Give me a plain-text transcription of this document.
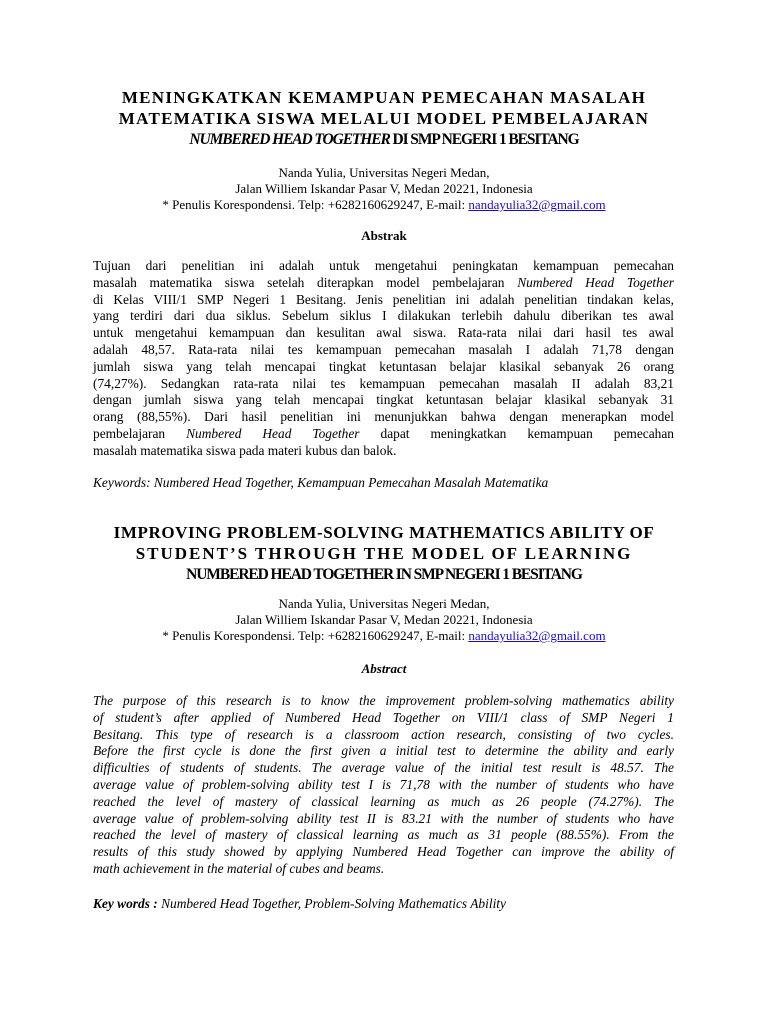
MENINGKATKAN KEMAMPUAN PEMECAHAN MASALAH
MATEMATIKA SISWA MELALUI MODEL PEMBELAJARAN
NUMBERED HEAD TOGETHER DI SMP NEGERI 1 BESITANG
Nanda Yulia, Universitas Negeri Medan,
Jalan Williem Iskandar Pasar V, Medan 20221, Indonesia
* Penulis Korespondensi. Telp: +6282160629247, E-mail: nandayulia32@gmail.com
Abstrak
Tujuan dari penelitian ini adalah untuk mengetahui peningkatan kemampuan pemecahan
masalah matematika siswa setelah diterapkan model pembelajaran Numbered Head Together
di Kelas VIII/1 SMP Negeri 1 Besitang. Jenis penelitian ini adalah penelitian tindakan kelas,
yang terdiri dari dua siklus. Sebelum siklus I dilakukan terlebih dahulu diberikan tes awal
untuk mengetahui kemampuan dan kesulitan awal siswa. Rata-rata nilai dari hasil tes awal
adalah 48,57. Rata-rata nilai tes kemampuan pemecahan masalah I adalah 71,78 dengan
jumlah siswa yang telah mencapai tingkat ketuntasan belajar klasikal sebanyak 26 orang
(74,27%). Sedangkan rata-rata nilai tes kemampuan pemecahan masalah II adalah 83,21
dengan jumlah siswa yang telah mencapai tingkat ketuntasan belajar klasikal sebanyak 31
orang (88,55%). Dari hasil penelitian ini menunjukkan bahwa dengan menerapkan model
pembelajaran Numbered Head Together dapat meningkatkan kemampuan pemecahan
masalah matematika siswa pada materi kubus dan balok.
Keywords: Numbered Head Together, Kemampuan Pemecahan Masalah Matematika
IMPROVING PROBLEM-SOLVING MATHEMATICS ABILITY OF
STUDENT’S THROUGH THE MODEL OF LEARNING
NUMBERED HEAD TOGETHER IN SMP NEGERI 1 BESITANG
Nanda Yulia, Universitas Negeri Medan,
Jalan Williem Iskandar Pasar V, Medan 20221, Indonesia
* Penulis Korespondensi. Telp: +6282160629247, E-mail: nandayulia32@gmail.com
Abstract
The purpose of this research is to know the improvement problem-solving mathematics ability
of student’s after applied of Numbered Head Together on VIII/1 class of SMP Negeri 1
Besitang. This type of research is a classroom action research, consisting of two cycles.
Before the first cycle is done the first given a initial test to determine the ability and early
difficulties of students of students. The average value of the initial test result is 48.57. The
average value of problem-solving ability test I is 71,78 with the number of students who have
reached the level of mastery of classical learning as much as 26 people (74.27%). The
average value of problem-solving ability test II is 83.21 with the number of students who have
reached the level of mastery of classical learning as much as 31 people (88.55%). From the
results of this study showed by applying Numbered Head Together can improve the ability of
math achievement in the material of cubes and beams.
Key words : Numbered Head Together, Problem-Solving Mathematics Ability
